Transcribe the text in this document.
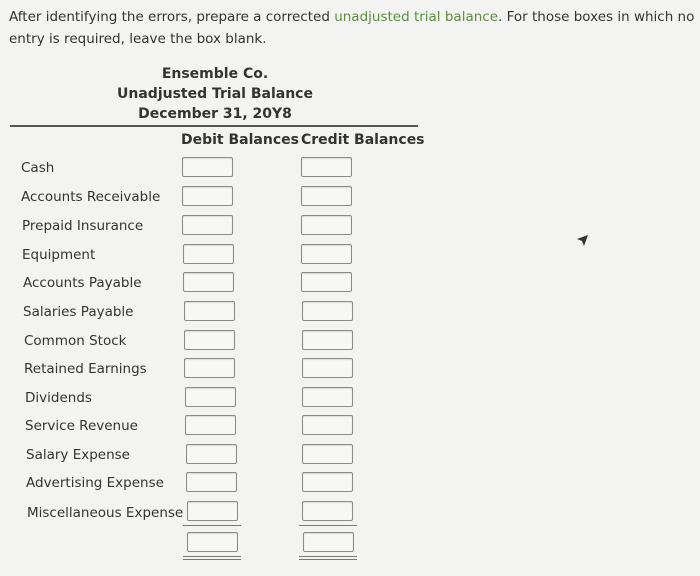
After identifying the errors, prepare a corrected unadjusted trial balance. For those boxes in which no entry is required, leave the box blank.
Ensemble Co.
Unadjusted Trial Balance
December 31, 20Y8
Debit Balances Credit Balances
Cash
Accounts Receivable
Prepaid Insurance
Equipment
Accounts Payable
Salaries Payable
Common Stock
Retained Earnings
Dividends
Service Revenue
Salary Expense
Advertising Expense
Miscellaneous Expense
